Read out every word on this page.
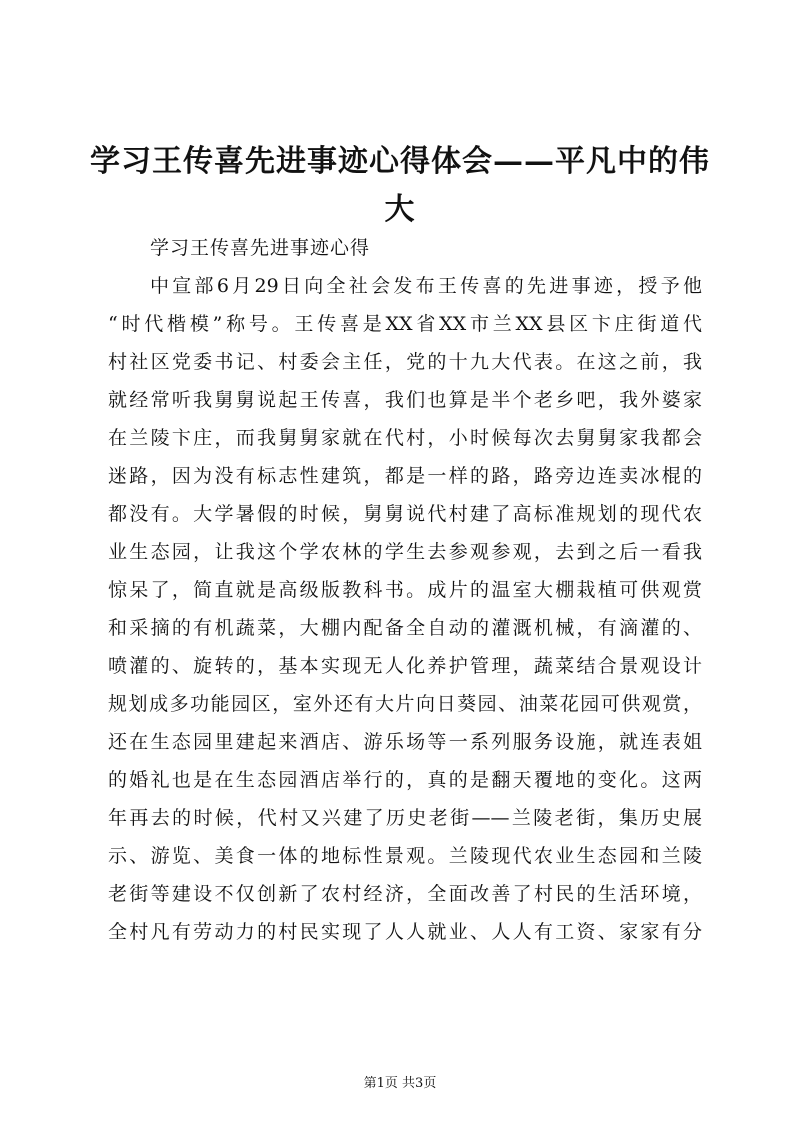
学习王传喜先进事迹心得体会——平凡中的伟大

学习王传喜先进事迹心得

中宣部6月29日向全社会发布王传喜的先进事迹，授予他

“时代楷模”称号。王传喜是XX省XX市兰XX县区卞庄街道代

村社区党委书记、村委会主任，党的十九大代表。在这之前，我

就经常听我舅舅说起王传喜，我们也算是半个老乡吧，我外婆家

在兰陵卞庄，而我舅舅家就在代村，小时候每次去舅舅家我都会

迷路，因为没有标志性建筑，都是一样的路，路旁边连卖冰棍的

都没有。大学暑假的时候，舅舅说代村建了高标准规划的现代农

业生态园，让我这个学农林的学生去参观参观，去到之后一看我

惊呆了，简直就是高级版教科书。成片的温室大棚栽植可供观赏

和采摘的有机蔬菜，大棚内配备全自动的灌溉机械，有滴灌的、

喷灌的、旋转的，基本实现无人化养护管理，蔬菜结合景观设计

规划成多功能园区，室外还有大片向日葵园、油菜花园可供观赏，

还在生态园里建起来酒店、游乐场等一系列服务设施，就连表姐

的婚礼也是在生态园酒店举行的，真的是翻天覆地的变化。这两

年再去的时候，代村又兴建了历史老街——兰陵老街，集历史展

示、游览、美食一体的地标性景观。兰陵现代农业生态园和兰陵

老街等建设不仅创新了农村经济，全面改善了村民的生活环境，

全村凡有劳动力的村民实现了人人就业、人人有工资、家家有分

第1页 共3页
